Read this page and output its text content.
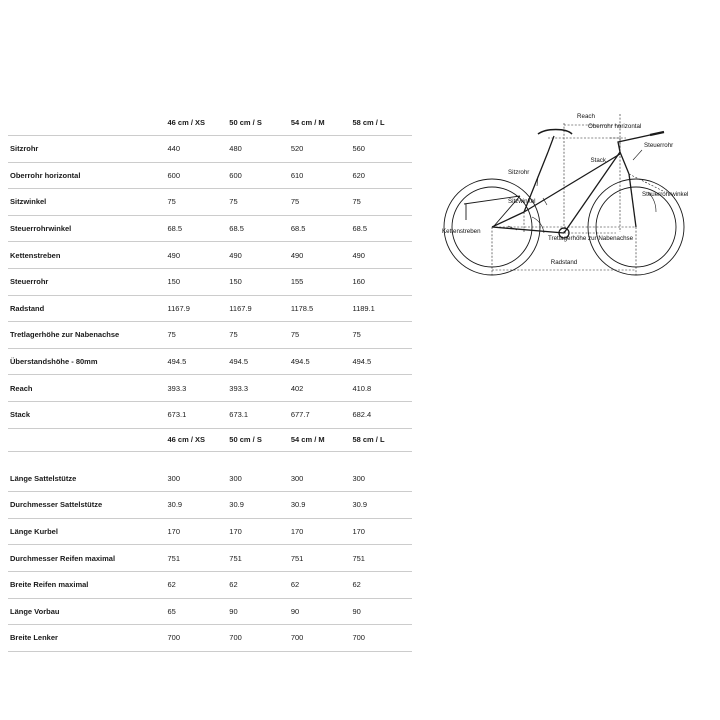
	46 cm / XS	50 cm / S	54 cm / M	58 cm / L
Sitzrohr	440	480	520	560
Oberrohr horizontal	600	600	610	620
Sitzwinkel	75	75	75	75
Steuerrohrwinkel	68.5	68.5	68.5	68.5
Kettenstreben	490	490	490	490
Steuerrohr	150	150	155	160
Radstand	1167.9	1167.9	1178.5	1189.1
Tretlagerhöhe zur Nabenachse	75	75	75	75
Überstandshöhe - 80mm	494.5	494.5	494.5	494.5
Reach	393.3	393.3	402	410.8
Stack	673.1	673.1	677.7	682.4
	46 cm / XS	50 cm / S	54 cm / M	58 cm / L

Länge Sattelstütze	300	300	300	300
Durchmesser Sattelstütze	30.9	30.9	30.9	30.9
Länge Kurbel	170	170	170	170
Durchmesser Reifen maximal	751	751	751	751
Breite Reifen maximal	62	62	62	62
Länge Vorbau	65	90	90	90
Breite Lenker	700	700	700	700
Reach
Oberrohr horizontal
Steuerrohr
Sitzrohr
Stack
Sitzwinkel
Steuerrohrwinkel
Kettenstreben
Tretlagerhöhe zur Nabenachse
Radstand
